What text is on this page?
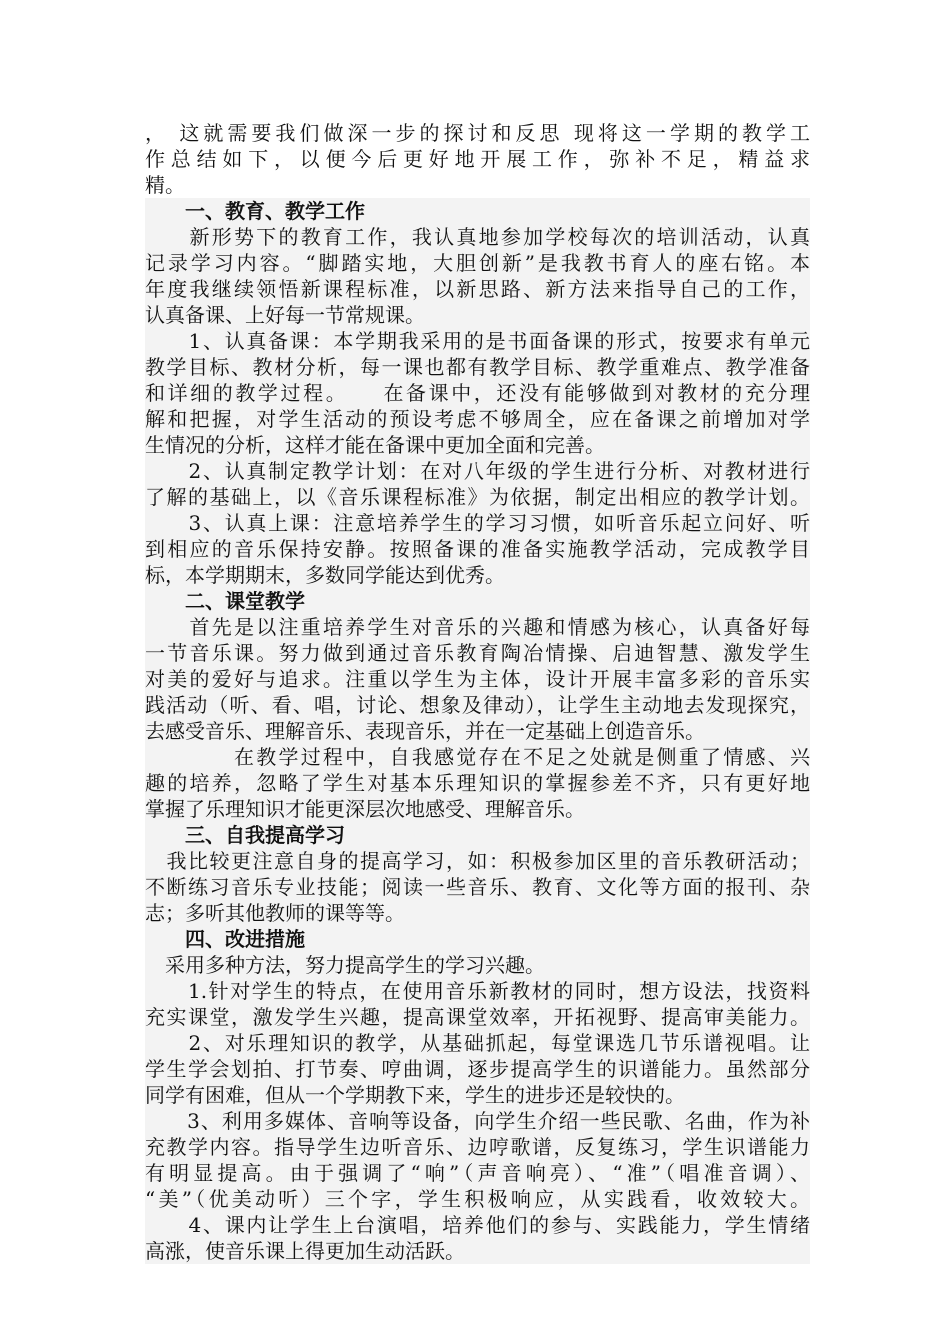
， 这就需要我们做深一步的探讨和反思 现将这一学期的教学工
作总结如下，以便今后更好地开展工作，弥补不足，精益求
精。
　　一、教育、教学工作
　　新形势下的教育工作，我认真地参加学校每次的培训活动，认真
记录学习内容。“脚踏实地，大胆创新”是我教书育人的座右铭。本
年度我继续领悟新课程标准，以新思路、新方法来指导自己的工作，
认真备课、上好每一节常规课。
　　1、认真备课：本学期我采用的是书面备课的形式，按要求有单元
教学目标、教材分析，每一课也都有教学目标、教学重难点、教学准备
和详细的教学过程。　　在备课中，还没有能够做到对教材的充分理
解和把握，对学生活动的预设考虑不够周全，应在备课之前增加对学
生情况的分析，这样才能在备课中更加全面和完善。
　　2、认真制定教学计划：在对八年级的学生进行分析、对教材进行
了解的基础上，以《音乐课程标准》为依据，制定出相应的教学计划。
　　3、认真上课：注意培养学生的学习习惯，如听音乐起立问好、听
到相应的音乐保持安静。按照备课的准备实施教学活动，完成教学目
标，本学期期末，多数同学能达到优秀。
　　二、课堂教学
　　首先是以注重培养学生对音乐的兴趣和情感为核心，认真备好每
一节音乐课。努力做到通过音乐教育陶冶情操、启迪智慧、激发学生
对美的爱好与追求。注重以学生为主体，设计开展丰富多彩的音乐实
践活动（听、看、唱，讨论、想象及律动），让学生主动地去发现探究，
去感受音乐、理解音乐、表现音乐，并在一定基础上创造音乐。
　　　　在教学过程中，自我感觉存在不足之处就是侧重了情感、兴
趣的培养，忽略了学生对基本乐理知识的掌握参差不齐，只有更好地
掌握了乐理知识才能更深层次地感受、理解音乐。
　　三、自我提高学习
　我比较更注意自身的提高学习，如：积极参加区里的音乐教研活动；
不断练习音乐专业技能；阅读一些音乐、教育、文化等方面的报刊、杂
志；多听其他教师的课等等。
　　四、改进措施
　采用多种方法，努力提高学生的学习兴趣。
　　1.针对学生的特点，在使用音乐新教材的同时，想方设法，找资料
充实课堂，激发学生兴趣，提高课堂效率，开拓视野、提高审美能力。
　　2、对乐理知识的教学，从基础抓起，每堂课选几节乐谱视唱。让
学生学会划拍、打节奏、哼曲调，逐步提高学生的识谱能力。虽然部分
同学有困难，但从一个学期教下来，学生的进步还是较快的。
　　3、利用多媒体、音响等设备，向学生介绍一些民歌、名曲，作为补
充教学内容。指导学生边听音乐、边哼歌谱，反复练习，学生识谱能力
有明显提高。由于强调了“响”（声音响亮）、“准”（唱准音调）、
“美”（优美动听）三个字，学生积极响应，从实践看，收效较大。
　　4、课内让学生上台演唱，培养他们的参与、实践能力，学生情绪
高涨，使音乐课上得更加生动活跃。
